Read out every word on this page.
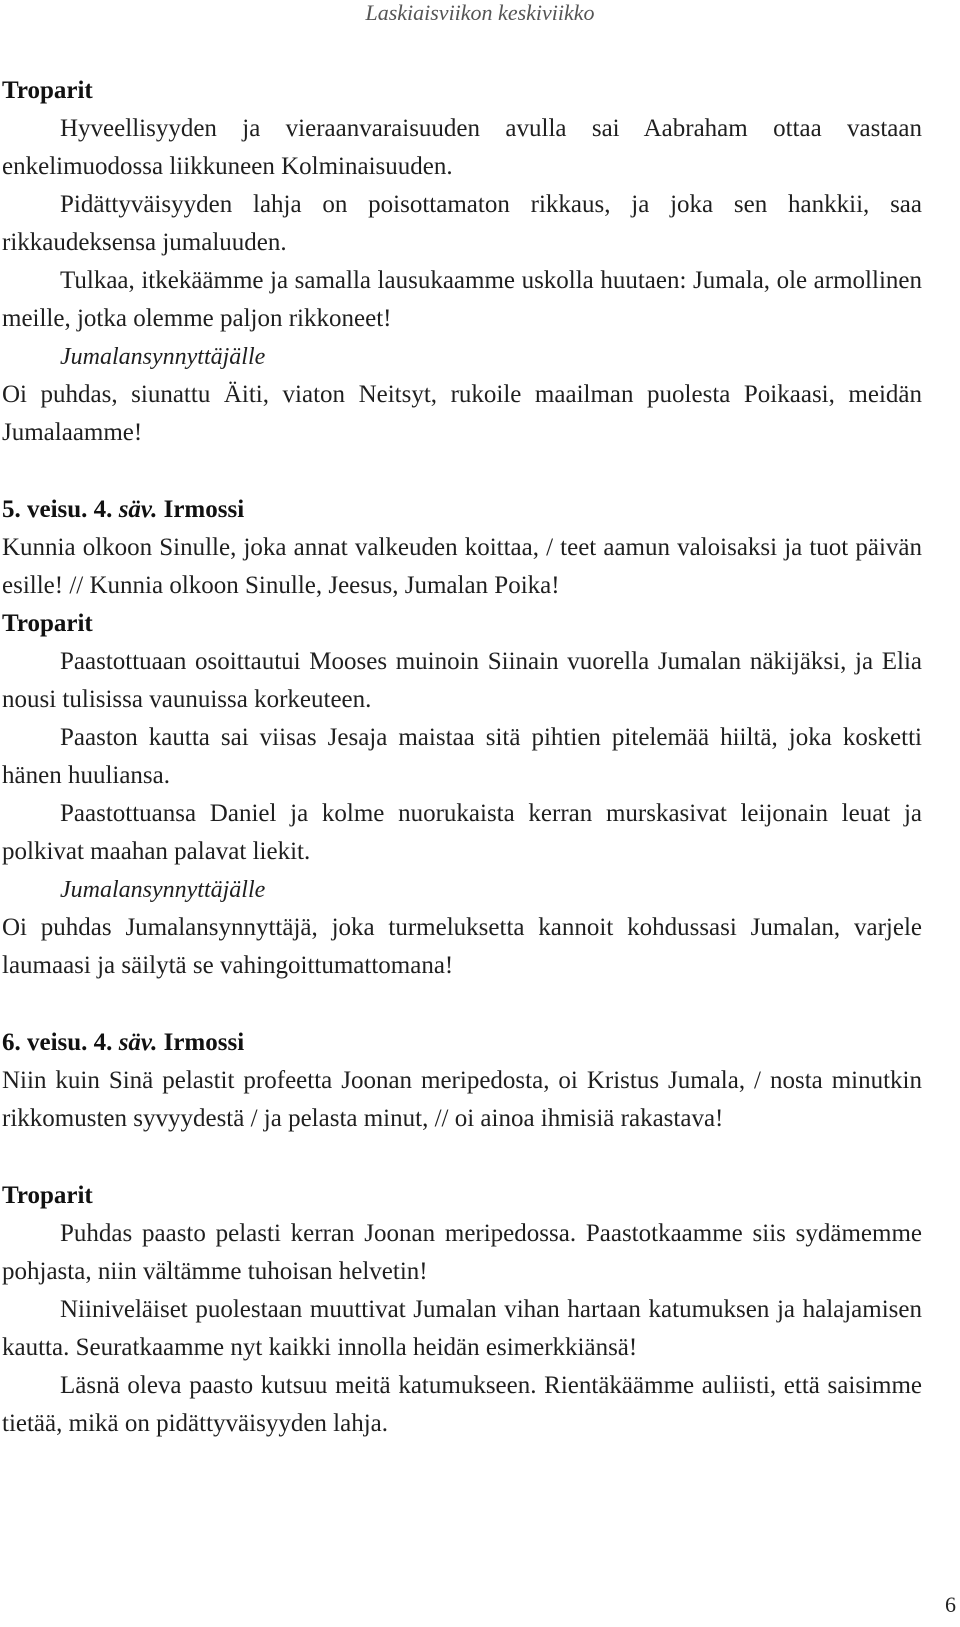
Laskiaisviikon keskiviikko
Troparit

Hyveellisyyden ja vieraanvaraisuuden avulla sai Aabraham ottaa vastaan enkelimuodossa liikkuneen Kolminaisuuden.

Pidättyväisyyden lahja on poisottamaton rikkaus, ja joka sen hankkii, saa rikkaudeksensa jumaluuden.

Tulkaa, itkekäämme ja samalla lausukaamme uskolla huutaen: Jumala, ole armollinen meille, jotka olemme paljon rikkoneet!

Jumalansynnyttäjälle

Oi puhdas, siunattu Äiti, viaton Neitsyt, rukoile maailman puolesta Poikaasi, meidän Jumalaamme!

5. veisu. 4. säv. Irmossi

Kunnia olkoon Sinulle, joka annat valkeuden koittaa, / teet aamun valoisaksi ja tuot päivän esille! // Kunnia olkoon Sinulle, Jeesus, Jumalan Poika!

Troparit

Paastottuaan osoittautui Mooses muinoin Siinain vuorella Jumalan näkijäksi, ja Elia nousi tulisissa vaunuissa korkeuteen.

Paaston kautta sai viisas Jesaja maistaa sitä pihtien pitelemää hiiltä, joka kosketti hänen huuliansa.

Paastottuansa Daniel ja kolme nuorukaista kerran murskasivat leijonain leuat ja polkivat maahan palavat liekit.

Jumalansynnyttäjälle

Oi puhdas Jumalansynnyttäjä, joka turmeluksetta kannoit kohdussasi Jumalan, varjele laumaasi ja säilytä se vahingoittumattomana!

6. veisu. 4. säv. Irmossi

Niin kuin Sinä pelastit profeetta Joonan meripedosta, oi Kristus Jumala, / nosta minutkin rikkomusten syvyydestä / ja pelasta minut, // oi ainoa ihmisiä rakastava!

Troparit

Puhdas paasto pelasti kerran Joonan meripedossa. Paastotkaamme siis sydämemme pohjasta, niin vältämme tuhoisan helvetin!

Niiniveläiset puolestaan muuttivat Jumalan vihan hartaan katumuksen ja halajamisen kautta. Seuratkaamme nyt kaikki innolla heidän esimerkkiänsä!

Läsnä oleva paasto kutsuu meitä katumukseen. Rientäkäämme auliisti, että saisimme tietää, mikä on pidättyväisyyden lahja.

6
